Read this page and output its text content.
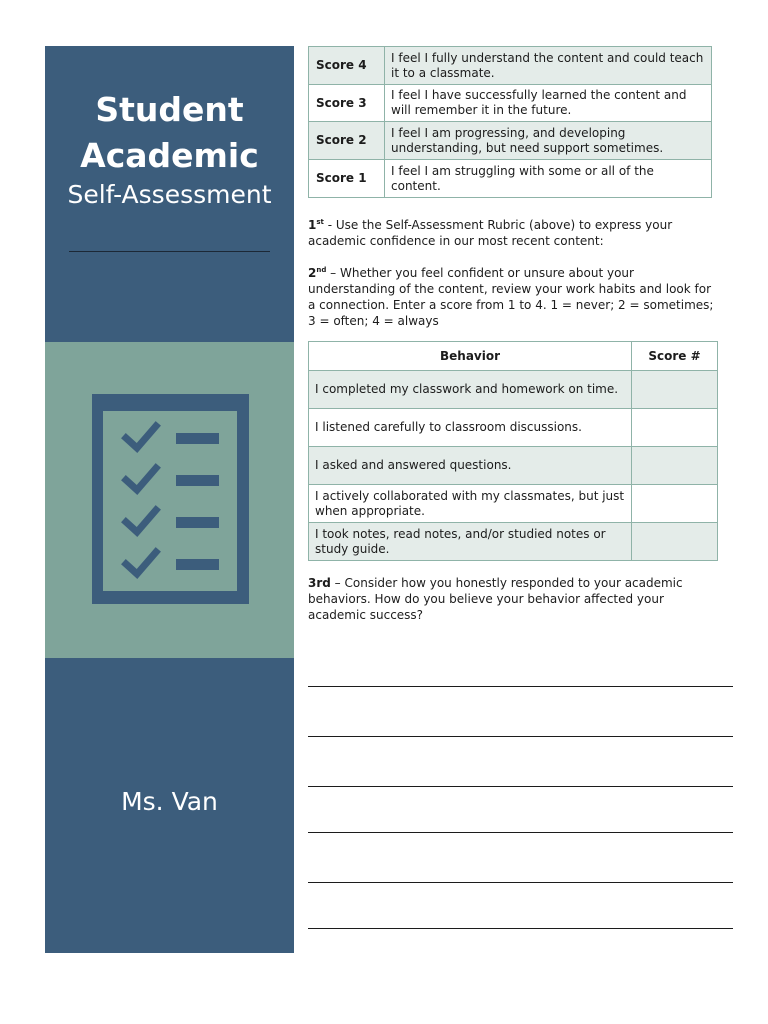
Student
Academic
Self-Assessment
Ms. Van
Score 4	I feel I fully understand the content and could teach it to a classmate.
Score 3	I feel I have successfully learned the content and will remember it in the future.
Score 2	I feel I am progressing, and developing understanding, but need support sometimes.
Score 1	I feel I am struggling with some or all of the content.

1st - Use the Self-Assessment Rubric (above) to express your academic confidence in our most recent content:

2nd – Whether you feel confident or unsure about your understanding of the content, review your work habits and look for a connection. Enter a score from 1 to 4. 1 = never; 2 = sometimes; 3 = often; 4 = always

Behavior	Score #
I completed my classwork and homework on time.	
I listened carefully to classroom discussions.	
I asked and answered questions.	
I actively collaborated with my classmates, but just when appropriate.	
I took notes, read notes, and/or studied notes or study guide.	

3rd – Consider how you honestly responded to your academic behaviors. How do you believe your behavior affected your academic success?
